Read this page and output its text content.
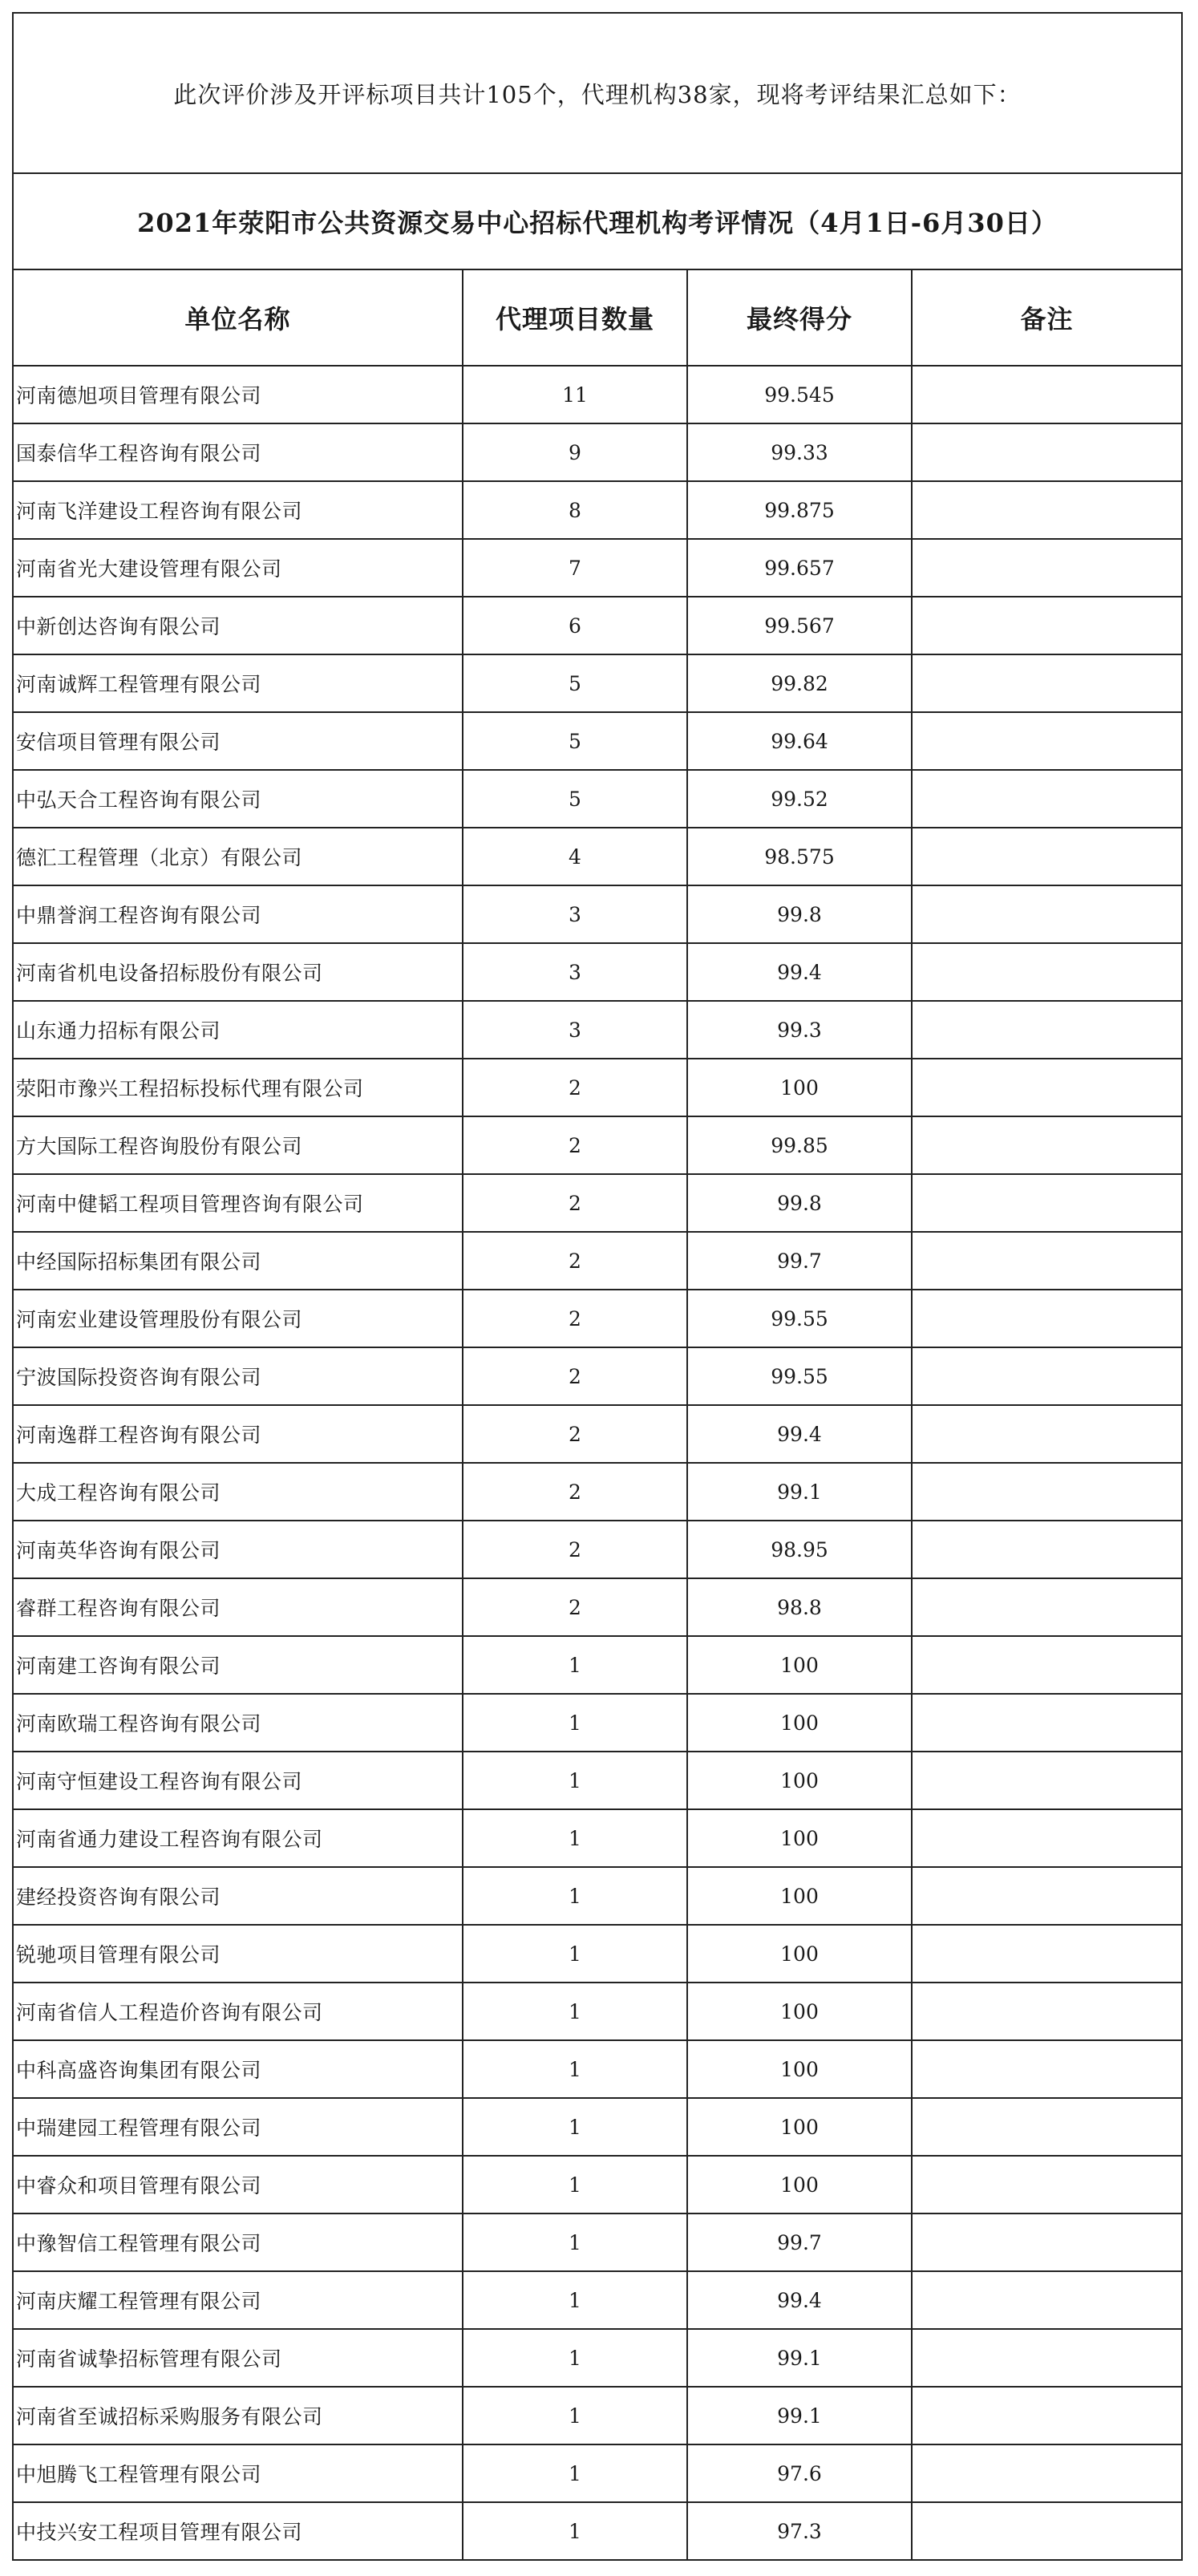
此次评价涉及开评标项目共计105个，代理机构38家，现将考评结果汇总如下：
2021年荥阳市公共资源交易中心招标代理机构考评情况（4月1日-6月30日）
单位名称	代理项目数量	最终得分	备注
河南德旭项目管理有限公司	11	99.545	
国泰信华工程咨询有限公司	9	99.33	
河南飞洋建设工程咨询有限公司	8	99.875	
河南省光大建设管理有限公司	7	99.657	
中新创达咨询有限公司	6	99.567	
河南诚辉工程管理有限公司	5	99.82	
安信项目管理有限公司	5	99.64	
中弘天合工程咨询有限公司	5	99.52	
德汇工程管理（北京）有限公司	4	98.575	
中鼎誉润工程咨询有限公司	3	99.8	
河南省机电设备招标股份有限公司	3	99.4	
山东通力招标有限公司	3	99.3	
荥阳市豫兴工程招标投标代理有限公司	2	100	
方大国际工程咨询股份有限公司	2	99.85	
河南中健韬工程项目管理咨询有限公司	2	99.8	
中经国际招标集团有限公司	2	99.7	
河南宏业建设管理股份有限公司	2	99.55	
宁波国际投资咨询有限公司	2	99.55	
河南逸群工程咨询有限公司	2	99.4	
大成工程咨询有限公司	2	99.1	
河南英华咨询有限公司	2	98.95	
睿群工程咨询有限公司	2	98.8	
河南建工咨询有限公司	1	100	
河南欧瑞工程咨询有限公司	1	100	
河南守恒建设工程咨询有限公司	1	100	
河南省通力建设工程咨询有限公司	1	100	
建经投资咨询有限公司	1	100	
锐驰项目管理有限公司	1	100	
河南省信人工程造价咨询有限公司	1	100	
中科高盛咨询集团有限公司	1	100	
中瑞建园工程管理有限公司	1	100	
中睿众和项目管理有限公司	1	100	
中豫智信工程管理有限公司	1	99.7	
河南庆耀工程管理有限公司	1	99.4	
河南省诚挚招标管理有限公司	1	99.1	
河南省至诚招标采购服务有限公司	1	99.1	
中旭腾飞工程管理有限公司	1	97.6	
中技兴安工程项目管理有限公司	1	97.3	
